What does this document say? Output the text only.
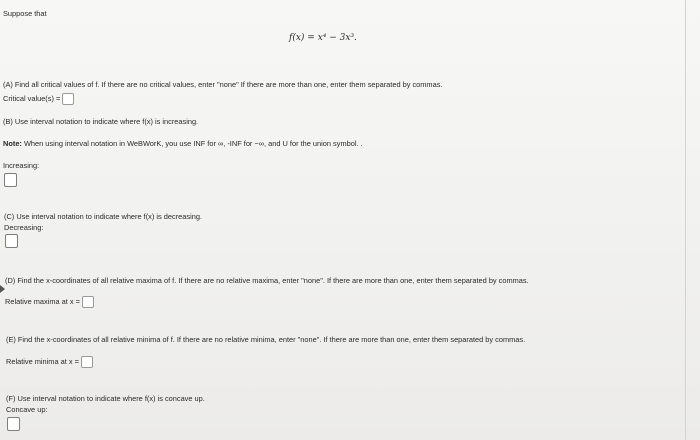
Suppose that
f(x) = x⁴ − 3x³.
(A) Find all critical values of f. If there are no critical values, enter "none" If there are more than one, enter them separated by commas.
Critical value(s) =
(B) Use interval notation to indicate where f(x) is increasing.
Note: When using interval notation in WeBWorK, you use INF for ∞, -INF for −∞, and U for the union symbol. .
Increasing:
(C) Use interval notation to indicate where f(x) is decreasing.
Decreasing:
(D) Find the x-coordinates of all relative maxima of f. If there are no relative maxima, enter "none". If there are more than one, enter them separated by commas.
Relative maxima at x =
(E) Find the x-coordinates of all relative minima of f. If there are no relative minima, enter "none". If there are more than one, enter them separated by commas.
Relative minima at x =
(F) Use interval notation to indicate where f(x) is concave up.
Concave up:
